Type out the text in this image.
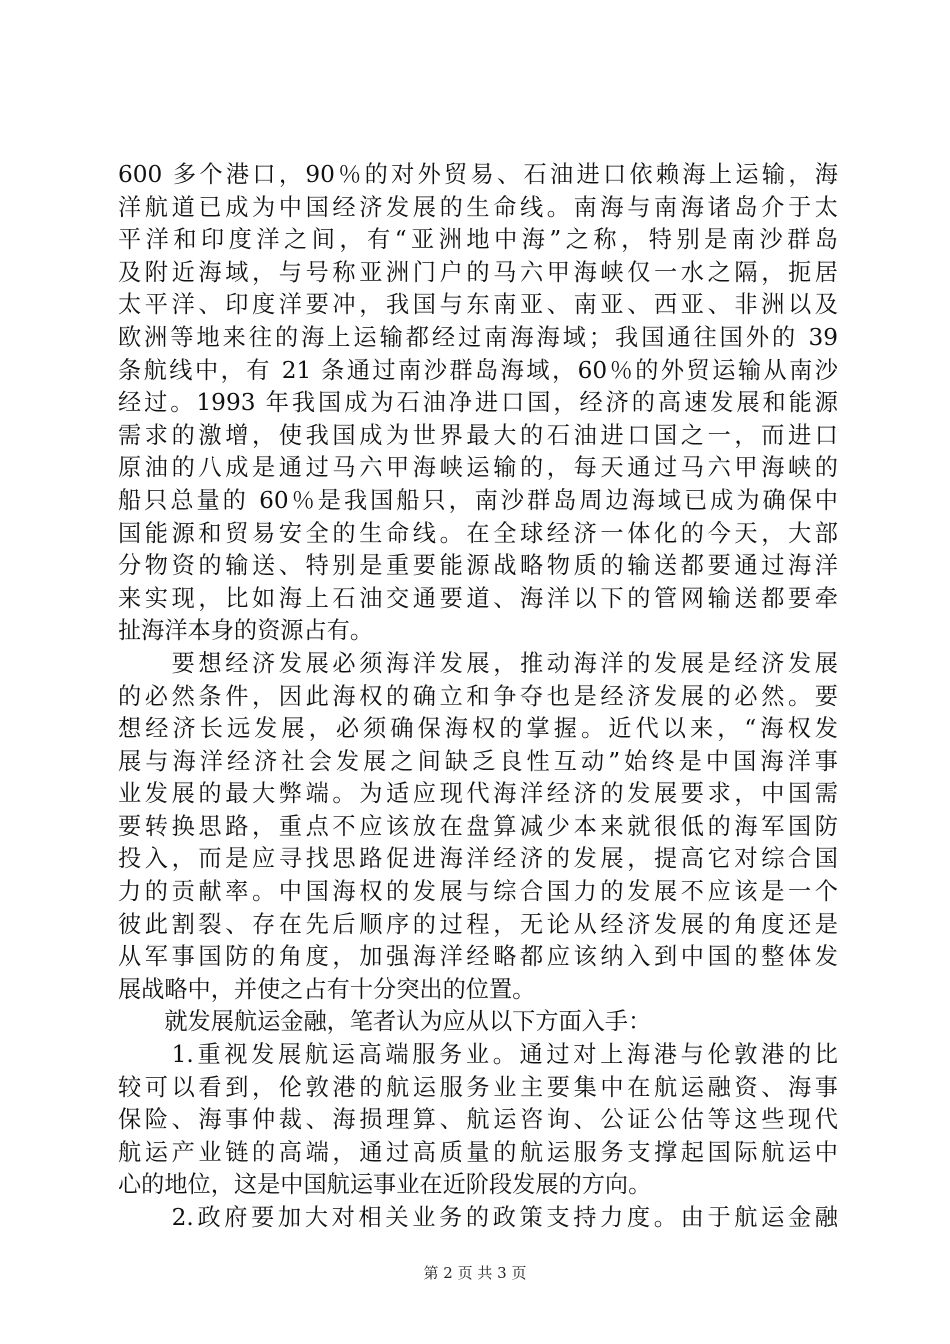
600 多个港口，90％的对外贸易、石油进口依赖海上运输，海
洋航道已成为中国经济发展的生命线。南海与南海诸岛介于太
平洋和印度洋之间，有“亚洲地中海”之称，特别是南沙群岛
及附近海域，与号称亚洲门户的马六甲海峡仅一水之隔，扼居
太平洋、印度洋要冲，我国与东南亚、南亚、西亚、非洲以及
欧洲等地来往的海上运输都经过南海海域；我国通往国外的 39
条航线中，有 21 条通过南沙群岛海域，60％的外贸运输从南沙
经过。1993 年我国成为石油净进口国，经济的高速发展和能源
需求的激增，使我国成为世界最大的石油进口国之一，而进口
原油的八成是通过马六甲海峡运输的，每天通过马六甲海峡的
船只总量的 60％是我国船只，南沙群岛周边海域已成为确保中
国能源和贸易安全的生命线。在全球经济一体化的今天，大部
分物资的输送、特别是重要能源战略物质的输送都要通过海洋
来实现，比如海上石油交通要道、海洋以下的管网输送都要牵
扯海洋本身的资源占有。
　　要想经济发展必须海洋发展，推动海洋的发展是经济发展
的必然条件，因此海权的确立和争夺也是经济发展的必然。要
想经济长远发展，必须确保海权的掌握。近代以来，“海权发
展与海洋经济社会发展之间缺乏良性互动”始终是中国海洋事
业发展的最大弊端。为适应现代海洋经济的发展要求，中国需
要转换思路，重点不应该放在盘算减少本来就很低的海军国防
投入，而是应寻找思路促进海洋经济的发展，提高它对综合国
力的贡献率。中国海权的发展与综合国力的发展不应该是一个
彼此割裂、存在先后顺序的过程，无论从经济发展的角度还是
从军事国防的角度，加强海洋经略都应该纳入到中国的整体发
展战略中，并使之占有十分突出的位置。
　　就发展航运金融，笔者认为应从以下方面入手：
　　1.重视发展航运高端服务业。通过对上海港与伦敦港的比
较可以看到，伦敦港的航运服务业主要集中在航运融资、海事
保险、海事仲裁、海损理算、航运咨询、公证公估等这些现代
航运产业链的高端，通过高质量的航运服务支撑起国际航运中
心的地位，这是中国航运事业在近阶段发展的方向。
　　2.政府要加大对相关业务的政策支持力度。由于航运金融
第 2 页 共 3 页
